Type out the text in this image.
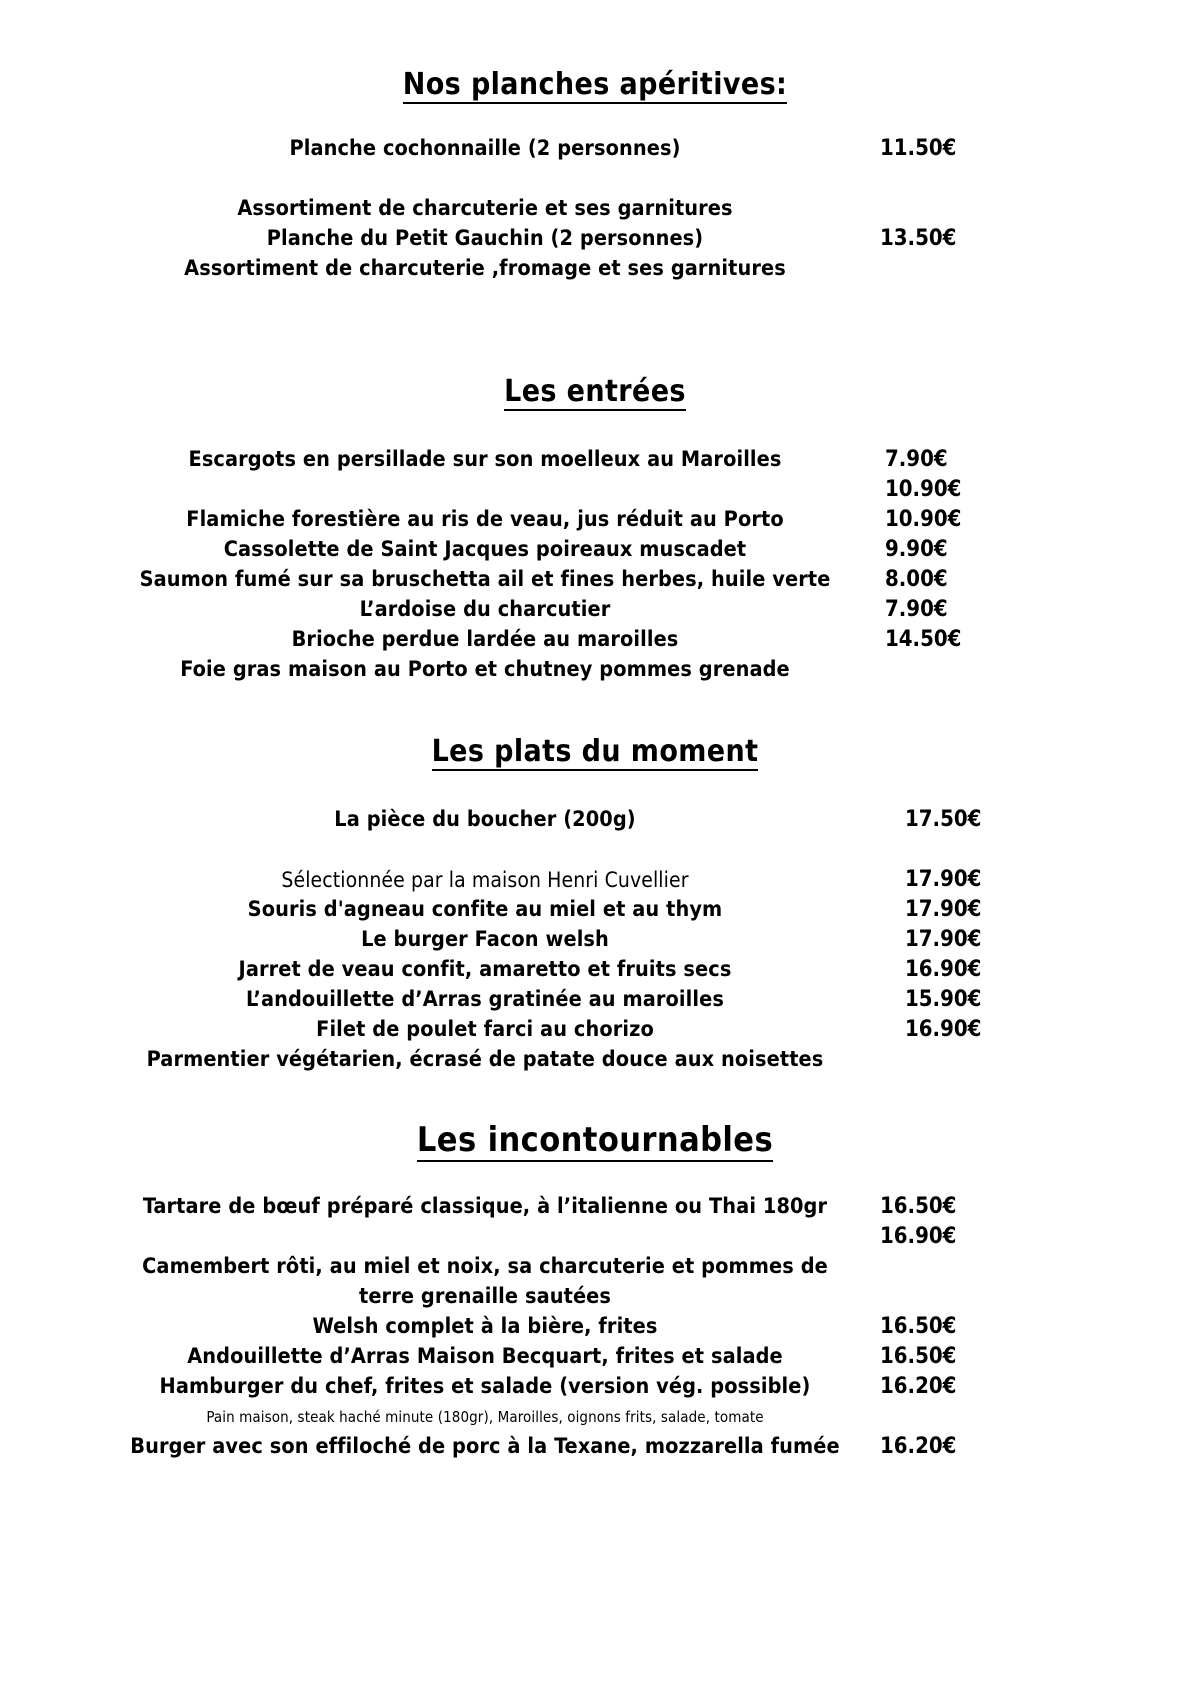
Nos planches apéritives:
Planche cochonnaille (2 personnes)
Assortiment de charcuterie et ses garnitures
Planche du Petit Gauchin (2 personnes)
Assortiment de charcuterie ,fromage et ses garnitures
11.50€
13.50€
Les entrées
Escargots en persillade sur son moelleux au Maroilles
Flamiche forestière au ris de veau, jus réduit au Porto
Cassolette de Saint Jacques poireaux muscadet
Saumon fumé sur sa bruschetta ail et fines herbes, huile verte
L’ardoise du charcutier
Brioche perdue lardée au maroilles
Foie gras maison au Porto et chutney pommes grenade
7.90€
10.90€
10.90€
9.90€
8.00€
7.90€
14.50€
Les plats du moment
La pièce du boucher (200g)
Sélectionnée par la maison Henri Cuvellier
Souris d'agneau confite au miel et au thym
Le burger Facon welsh
Jarret de veau confit, amaretto et fruits secs
L’andouillette d’Arras gratinée au maroilles
Filet de poulet farci au chorizo
Parmentier végétarien, écrasé de patate douce aux noisettes
17.50€
17.90€
17.90€
17.90€
16.90€
15.90€
16.90€
Les incontournables
Tartare de bœuf préparé classique, à l’italienne ou Thai 180gr
Camembert rôti, au miel et noix, sa charcuterie et pommes de
terre grenaille sautées
Welsh complet à la bière, frites
Andouillette d’Arras Maison Becquart, frites et salade
Hamburger du chef, frites et salade (version vég. possible)
Pain maison, steak haché minute (180gr), Maroilles, oignons frits, salade, tomate
Burger avec son effiloché de porc à la Texane, mozzarella fumée
16.50€
16.90€
16.50€
16.50€
16.20€
16.20€
